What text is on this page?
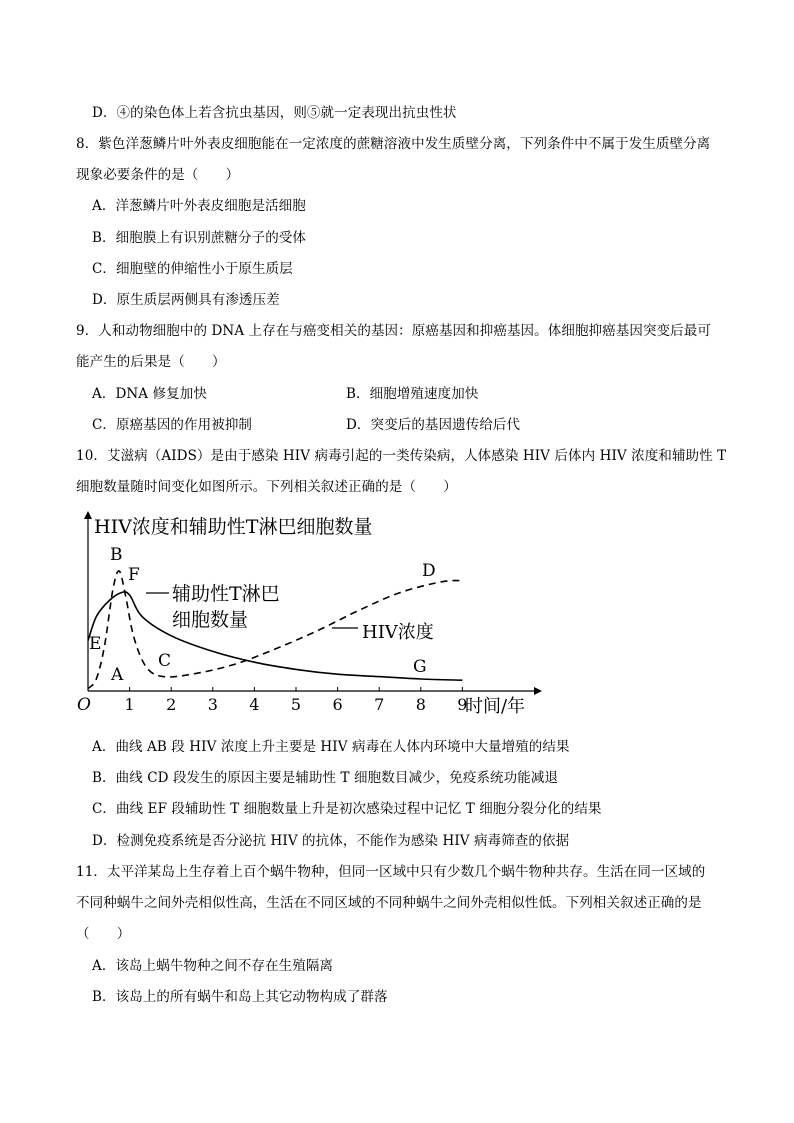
D．④的染色体上若含抗虫基因，则⑤就一定表现出抗虫性状
8．紫色洋葱鳞片叶外表皮细胞能在一定浓度的蔗糖溶液中发生质壁分离，下列条件中不属于发生质壁分离
现象必要条件的是（　　）
A．洋葱鳞片叶外表皮细胞是活细胞
B．细胞膜上有识别蔗糖分子的受体
C．细胞壁的伸缩性小于原生质层
D．原生质层两侧具有渗透压差
9．人和动物细胞中的 DNA 上存在与癌变相关的基因：原癌基因和抑癌基因。体细胞抑癌基因突变后最可
能产生的后果是（　　）
A．DNA 修复加快	B．细胞增殖速度加快
C．原癌基因的作用被抑制	D．突变后的基因遗传给后代
10．艾滋病（AIDS）是由于感染 HIV 病毒引起的一类传染病，人体感染 HIV 后体内 HIV 浓度和辅助性 T
细胞数量随时间变化如图所示。下列相关叙述正确的是（　　）
HIV浓度和辅助性T淋巴细胞数量
O 1 2 3 4 5 6 7 8 9
时间/年
辅助性T淋巴
细胞数量
HIV浓度
A
B
C
D
E
F
G
A．曲线 AB 段 HIV 浓度上升主要是 HIV 病毒在人体内环境中大量增殖的结果
B．曲线 CD 段发生的原因主要是辅助性 T 细胞数目减少，免疫系统功能减退
C．曲线 EF 段辅助性 T 细胞数量上升是初次感染过程中记忆 T 细胞分裂分化的结果
D．检测免疫系统是否分泌抗 HIV 的抗体，不能作为感染 HIV 病毒筛查的依据
11．太平洋某岛上生存着上百个蜗牛物种，但同一区域中只有少数几个蜗牛物种共存。生活在同一区域的
不同种蜗牛之间外壳相似性高，生活在不同区域的不同种蜗牛之间外壳相似性低。下列相关叙述正确的是
（　　）
A．该岛上蜗牛物种之间不存在生殖隔离
B．该岛上的所有蜗牛和岛上其它动物构成了群落
